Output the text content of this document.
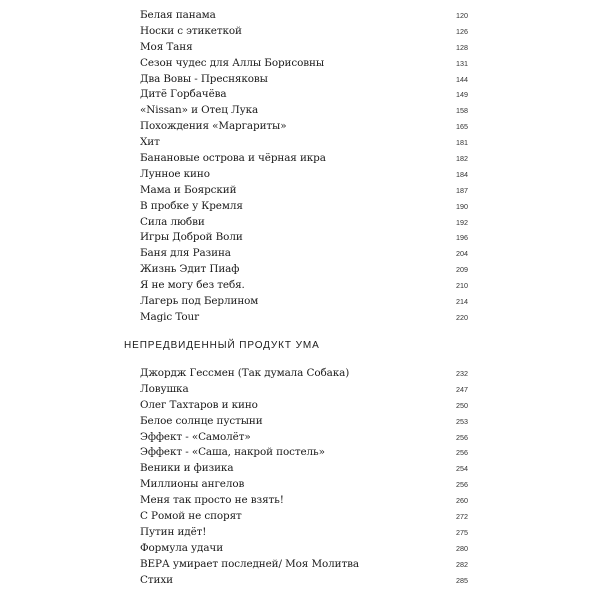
Белая панама	120
Носки с этикеткой	126
Моя Таня	128
Сезон чудес для Аллы Борисовны	131
Два Вовы - Пресняковы	144
Дитё Горбачёва	149
«Nissan» и Отец Лука	158
Похождения «Маргариты»	165
Хит	181
Банановые острова и чёрная икра	182
Лунное кино	184
Мама и Боярский	187
В пробке у Кремля	190
Сила любви	192
Игры Доброй Воли	196
Баня для Разина	204
Жизнь Эдит Пиаф	209
Я не могу без тебя.	210
Лагерь под Берлином	214
Magic Tour	220
НЕПРЕДВИДЕННЫЙ ПРОДУКТ УМА
Джордж Гессмен (Так думала Собака)	232
Ловушка	247
Олег Тахтаров и кино	250
Белое солнце пустыни	253
Эффект - «Самолёт»	256
Эффект - «Саша, накрой постель»	256
Веники и физика	254
Миллионы ангелов	256
Меня так просто не взять!	260
С Ромой не спорят	272
Путин идёт!	275
Формула удачи	280
ВЕРА умирает последней/ Моя Молитва	282
Стихи	285
